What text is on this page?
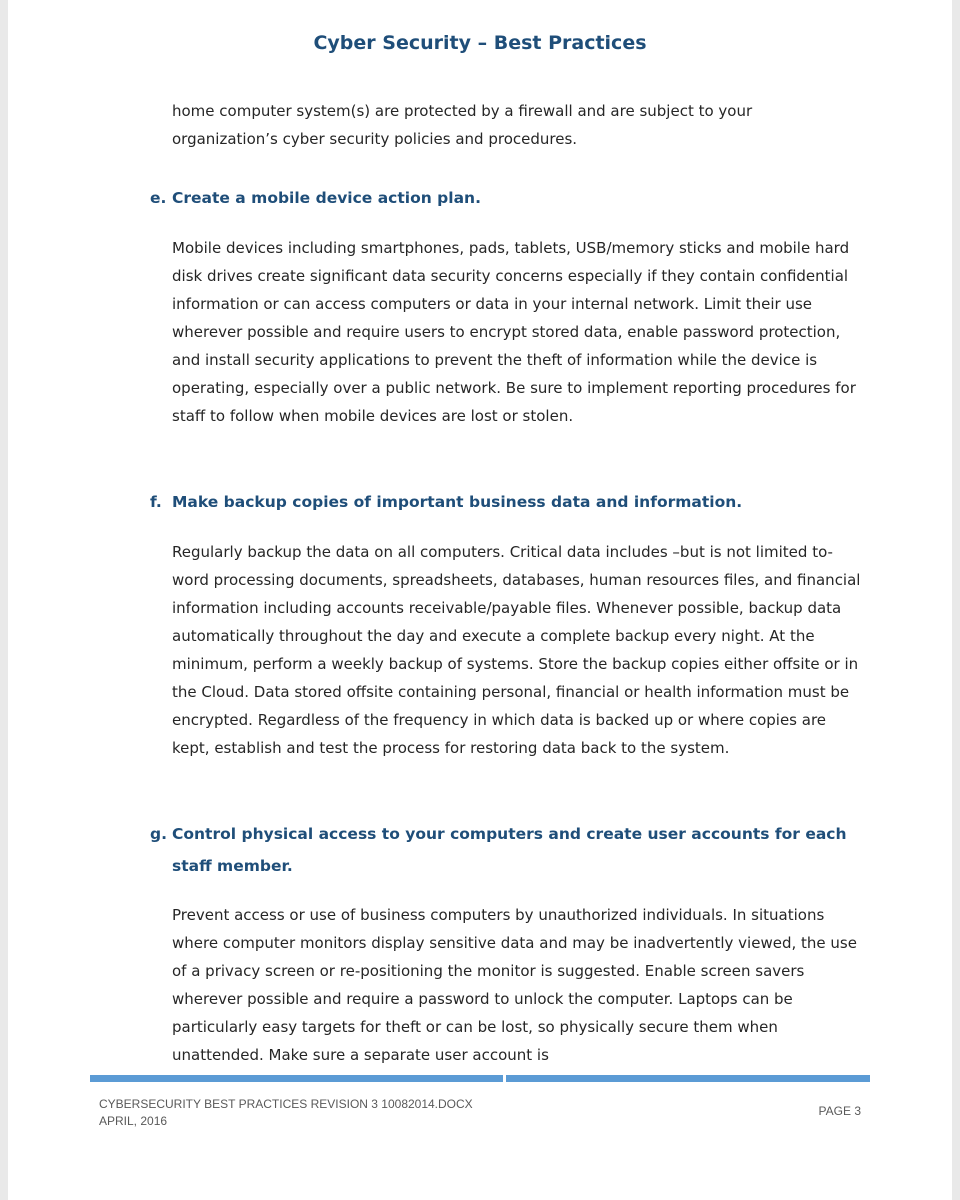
Cyber Security – Best Practices
home computer system(s) are protected by a firewall and are subject to your organization’s cyber security policies and procedures.
e. Create a mobile device action plan.
Mobile devices including smartphones, pads, tablets, USB/memory sticks and mobile hard disk drives create significant data security concerns especially if they contain confidential information or can access computers or data in your internal network. Limit their use wherever possible and require users to encrypt stored data, enable password protection, and install security applications to prevent the theft of information while the device is operating, especially over a public network. Be sure to implement reporting procedures for staff to follow when mobile devices are lost or stolen.
f. Make backup copies of important business data and information.
Regularly backup the data on all computers. Critical data includes –but is not limited to- word processing documents, spreadsheets, databases, human resources files, and financial information including accounts receivable/payable files. Whenever possible, backup data automatically throughout the day and execute a complete backup every night. At the minimum, perform a weekly backup of systems. Store the backup copies either offsite or in the Cloud. Data stored offsite containing personal, financial or health information must be encrypted. Regardless of the frequency in which data is backed up or where copies are kept, establish and test the process for restoring data back to the system.
g. Control physical access to your computers and create user accounts for each staff member.
Prevent access or use of business computers by unauthorized individuals. In situations where computer monitors display sensitive data and may be inadvertently viewed, the use of a privacy screen or re-positioning the monitor is suggested. Enable screen savers wherever possible and require a password to unlock the computer. Laptops can be particularly easy targets for theft or can be lost, so physically secure them when unattended. Make sure a separate user account is
CYBERSECURITY BEST PRACTICES REVISION 3 10082014.DOCX
APRIL, 2016
PAGE 3
